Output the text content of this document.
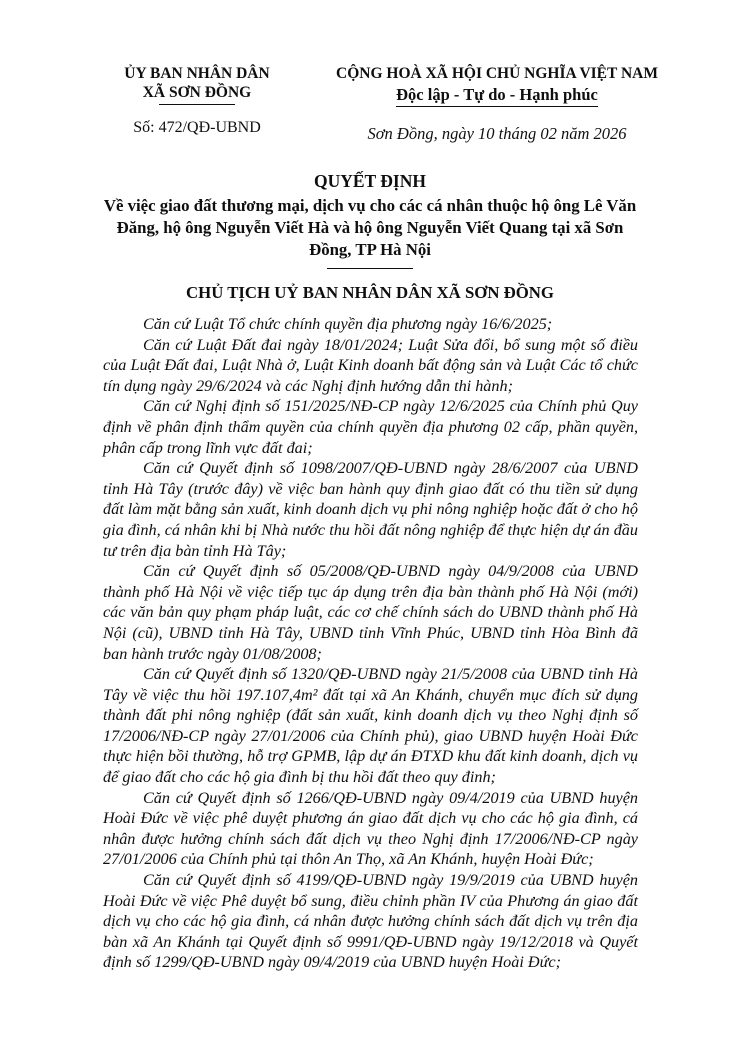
ỦY BAN NHÂN DÂN
XÃ SƠN ĐỒNG
Số: 472/QĐ-UBND
CỘNG HOÀ XÃ HỘI CHỦ NGHĨA VIỆT NAM
Độc lập - Tự do - Hạnh phúc
Sơn Đồng, ngày 10 tháng 02 năm 2026
QUYẾT ĐỊNH
Về việc giao đất thương mại, dịch vụ cho các cá nhân thuộc hộ ông Lê Văn Đăng, hộ ông Nguyễn Viết Hà và hộ ông Nguyễn Viết Quang tại xã Sơn Đồng, TP Hà Nội
CHỦ TỊCH UỶ BAN NHÂN DÂN XÃ SƠN ĐỒNG

Căn cứ Luật Tổ chức chính quyền địa phương ngày 16/6/2025;

Căn cứ Luật Đất đai ngày 18/01/2024; Luật Sửa đổi, bổ sung một số điều của Luật Đất đai, Luật Nhà ở, Luật Kinh doanh bất động sản và Luật Các tổ chức tín dụng ngày 29/6/2024 và các Nghị định hướng dẫn thi hành;

Căn cứ Nghị định số 151/2025/NĐ-CP ngày 12/6/2025 của Chính phủ Quy định về phân định thẩm quyền của chính quyền địa phương 02 cấp, phần quyền, phân cấp trong lĩnh vực đất đai;

Căn cứ Quyết định số 1098/2007/QĐ-UBND ngày 28/6/2007 của UBND tỉnh Hà Tây (trước đây) về việc ban hành quy định giao đất có thu tiền sử dụng đất làm mặt bằng sản xuất, kinh doanh dịch vụ phi nông nghiệp hoặc đất ở cho hộ gia đình, cá nhân khi bị Nhà nước thu hồi đất nông nghiệp để thực hiện dự án đầu tư trên địa bàn tỉnh Hà Tây;

Căn cứ Quyết định số 05/2008/QĐ-UBND ngày 04/9/2008 của UBND thành phố Hà Nội về việc tiếp tục áp dụng trên địa bàn thành phố Hà Nội (mới) các văn bản quy phạm pháp luật, các cơ chế chính sách do UBND thành phố Hà Nội (cũ), UBND tỉnh Hà Tây, UBND tỉnh Vĩnh Phúc, UBND tỉnh Hòa Bình đã ban hành trước ngày 01/08/2008;

Căn cứ Quyết định số 1320/QĐ-UBND ngày 21/5/2008 của UBND tỉnh Hà Tây về việc thu hồi 197.107,4m² đất tại xã An Khánh, chuyển mục đích sử dụng thành đất phi nông nghiệp (đất sản xuất, kinh doanh dịch vụ theo Nghị định số 17/2006/NĐ-CP ngày 27/01/2006 của Chính phủ), giao UBND huyện Hoài Đức thực hiện bồi thường, hỗ trợ GPMB, lập dự án ĐTXD khu đất kinh doanh, dịch vụ để giao đất cho các hộ gia đình bị thu hồi đất theo quy đinh;

Căn cứ Quyết định số 1266/QĐ-UBND ngày 09/4/2019 của UBND huyện Hoài Đức về việc phê duyệt phương án giao đất dịch vụ cho các hộ gia đình, cá nhân được hưởng chính sách đất dịch vụ theo Nghị định 17/2006/NĐ-CP ngày 27/01/2006 của Chính phủ tại thôn An Thọ, xã An Khánh, huyện Hoài Đức;

Căn cứ Quyết định số 4199/QĐ-UBND ngày 19/9/2019 của UBND huyện Hoài Đức về việc Phê duyệt bổ sung, điều chỉnh phần IV của Phương án giao đất dịch vụ cho các hộ gia đình, cá nhân được hưởng chính sách đất dịch vụ trên địa bàn xã An Khánh tại Quyết định số 9991/QĐ-UBND ngày 19/12/2018 và Quyết định số 1299/QĐ-UBND ngày 09/4/2019 của UBND huyện Hoài Đức;
